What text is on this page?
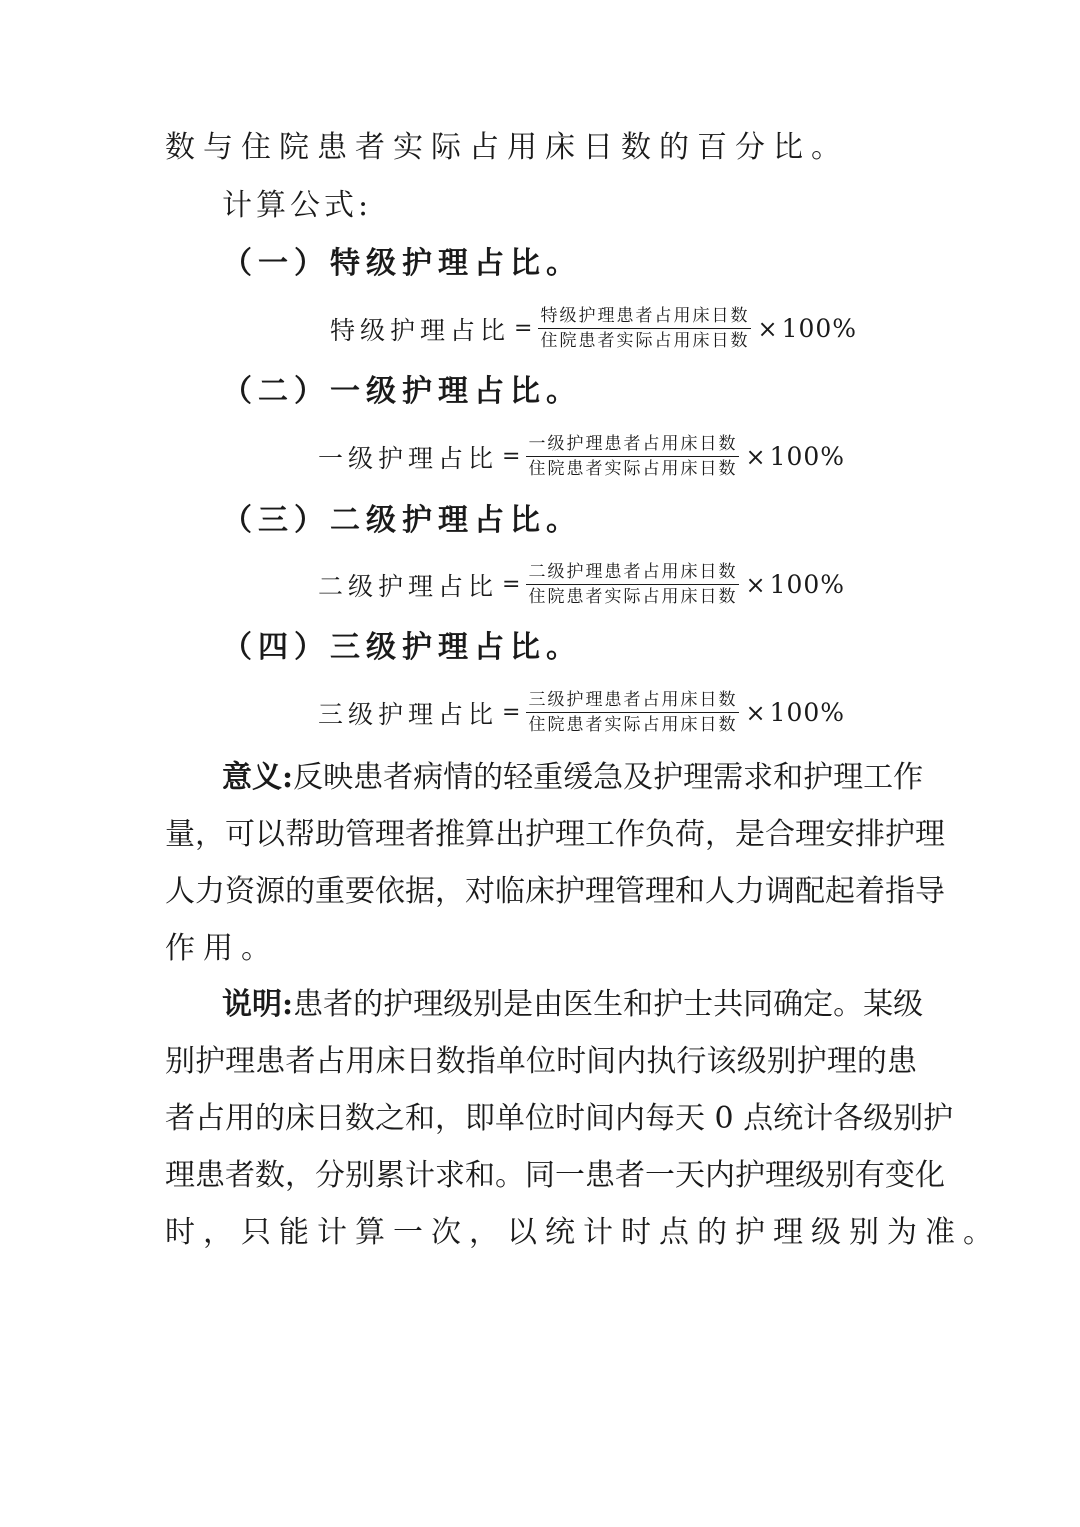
数与住院患者实际占用床日数的百分比。
计算公式:
（一）特级护理占比。
特级护理占比 = $\frac{\text{特级护理患者占用床日数}}{\text{住院患者实际占用床日数}} \times 100\%$
（二）一级护理占比。
一级护理占比 = $\frac{\text{一级护理患者占用床日数}}{\text{住院患者实际占用床日数}} \times 100\%$
（三）二级护理占比。
二级护理占比 = $\frac{\text{二级护理患者占用床日数}}{\text{住院患者实际占用床日数}} \times 100\%$
（四）三级护理占比。
三级护理占比 = $\frac{\text{三级护理患者占用床日数}}{\text{住院患者实际占用床日数}} \times 100\%$
意义:反映患者病情的轻重缓急及护理需求和护理工作
量，可以帮助管理者推算出护理工作负荷，是合理安排护理
人力资源的重要依据，对临床护理管理和人力调配起着指导
作用。
说明:患者的护理级别是由医生和护士共同确定。某级
别护理患者占用床日数指单位时间内执行该级别护理的患
者占用的床日数之和，即单位时间内每天 0 点统计各级别护
理患者数，分别累计求和。同一患者一天内护理级别有变化
时，只能计算一次，以统计时点的护理级别为准。
